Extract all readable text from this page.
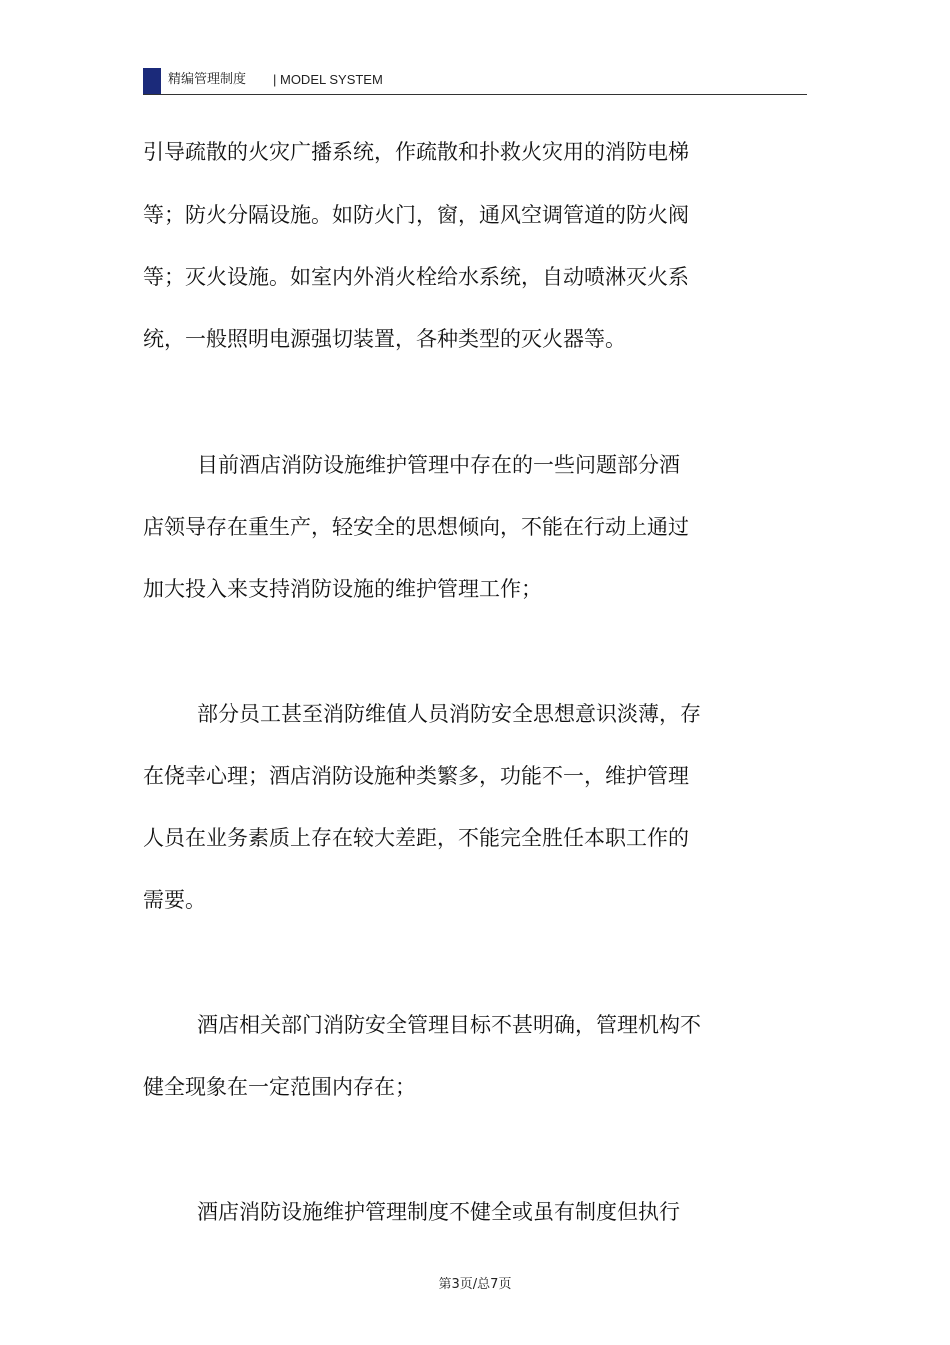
精编管理制度 | MODEL SYSTEM
引导疏散的火灾广播系统，作疏散和扑救火灾用的消防电梯
等；防火分隔设施。如防火门，窗，通风空调管道的防火阀
等；灭火设施。如室内外消火栓给水系统，自动喷淋灭火系
统，一般照明电源强切装置，各种类型的灭火器等。
目前酒店消防设施维护管理中存在的一些问题部分酒
店领导存在重生产，轻安全的思想倾向，不能在行动上通过
加大投入来支持消防设施的维护管理工作；
部分员工甚至消防维值人员消防安全思想意识淡薄，存
在侥幸心理；酒店消防设施种类繁多，功能不一，维护管理
人员在业务素质上存在较大差距，不能完全胜任本职工作的
需要。
酒店相关部门消防安全管理目标不甚明确，管理机构不
健全现象在一定范围内存在；
酒店消防设施维护管理制度不健全或虽有制度但执行
第3页/总7页
